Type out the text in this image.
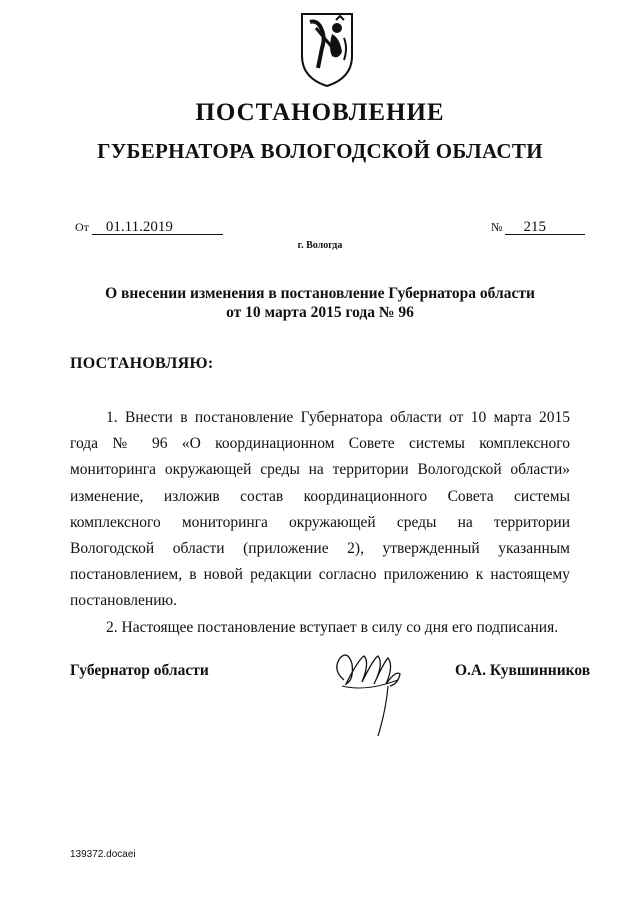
ПОСТАНОВЛЕНИЕ
ГУБЕРНАТОРА ВОЛОГОДСКОЙ ОБЛАСТИ
От 01.11.2019	№ 215
г. Вологда
О внесении изменения в постановление Губернатора области
от 10 марта 2015 года № 96
ПОСТАНОВЛЯЮ:

1. Внести в постановление Губернатора области от 10 марта 2015 года № 96 «О координационном Совете системы комплексного мониторинга окружающей среды на территории Вологодской области» изменение, изложив состав координационного Совета системы комплексного мониторинга окружающей среды на территории Вологодской области (приложение 2), утвержденный указанным постановлением, в новой редакции согласно приложению к настоящему постановлению.

2. Настоящее постановление вступает в силу со дня его подписания.

Губернатор области	О.А. Кувшинников
139372.docaei
